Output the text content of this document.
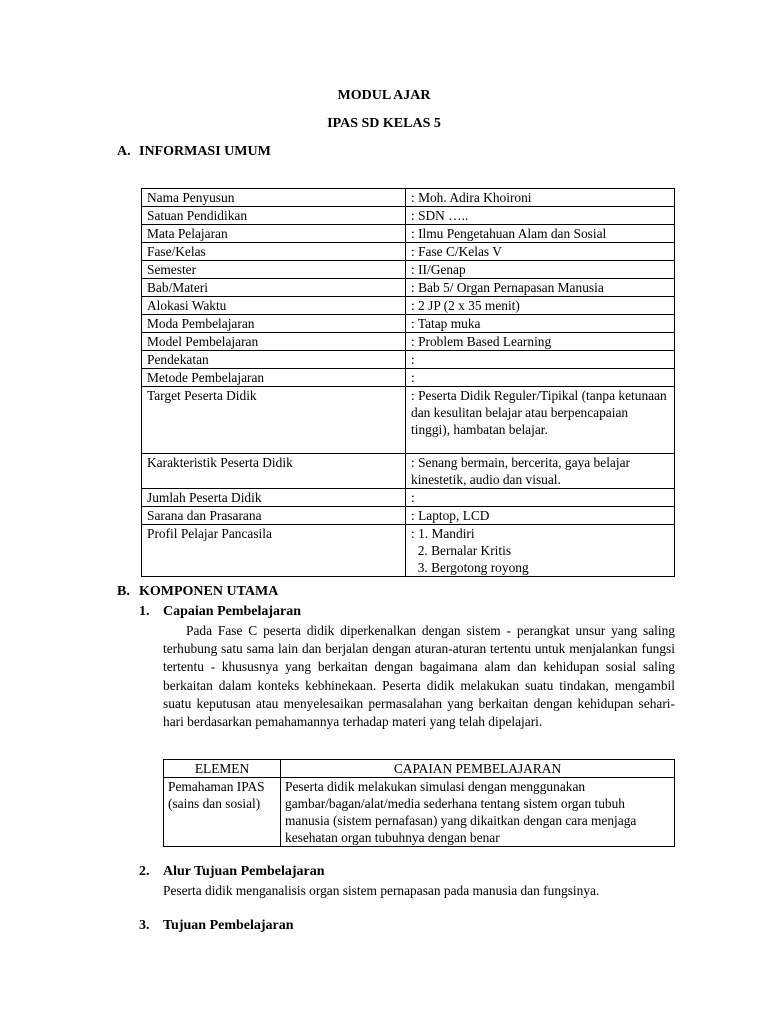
MODUL AJAR
IPAS SD KELAS 5
A. INFORMASI UMUM
Nama Penyusun	: Moh. Adira Khoironi
Satuan Pendidikan	: SDN …..
Mata Pelajaran	: Ilmu Pengetahuan Alam dan Sosial
Fase/Kelas	: Fase C/Kelas V
Semester	: II/Genap
Bab/Materi	: Bab 5/ Organ Pernapasan Manusia
Alokasi Waktu	: 2 JP (2 x 35 menit)
Moda Pembelajaran	: Tatap muka
Model Pembelajaran	: Problem Based Learning
Pendekatan	:
Metode Pembelajaran	:
Target Peserta Didik	: Peserta Didik Reguler/Tipikal (tanpa ketunaan dan kesulitan belajar atau berpencapaian tinggi), hambatan belajar.
Karakteristik Peserta Didik	: Senang bermain, bercerita, gaya belajar kinestetik, audio dan visual.
Jumlah Peserta Didik	:
Sarana dan Prasarana	: Laptop, LCD
Profil Pelajar Pancasila	: 1. Mandiri
2. Bernalar Kritis
3. Bergotong royong
B. KOMPONEN UTAMA
1. Capaian Pembelajaran
Pada Fase C peserta didik diperkenalkan dengan sistem - perangkat unsur yang saling terhubung satu sama lain dan berjalan dengan aturan-aturan tertentu untuk menjalankan fungsi tertentu - khususnya yang berkaitan dengan bagaimana alam dan kehidupan sosial saling berkaitan dalam konteks kebhinekaan. Peserta didik melakukan suatu tindakan, mengambil suatu keputusan atau menyelesaikan permasalahan yang berkaitan dengan kehidupan sehari-hari berdasarkan pemahamannya terhadap materi yang telah dipelajari.
ELEMEN	CAPAIAN PEMBELAJARAN
Pemahaman IPAS (sains dan sosial)	Peserta didik melakukan simulasi dengan menggunakan gambar/bagan/alat/media sederhana tentang sistem organ tubuh manusia (sistem pernafasan) yang dikaitkan dengan cara menjaga kesehatan organ tubuhnya dengan benar
2. Alur Tujuan Pembelajaran
Peserta didik menganalisis organ sistem pernapasan pada manusia dan fungsinya.
3. Tujuan Pembelajaran
